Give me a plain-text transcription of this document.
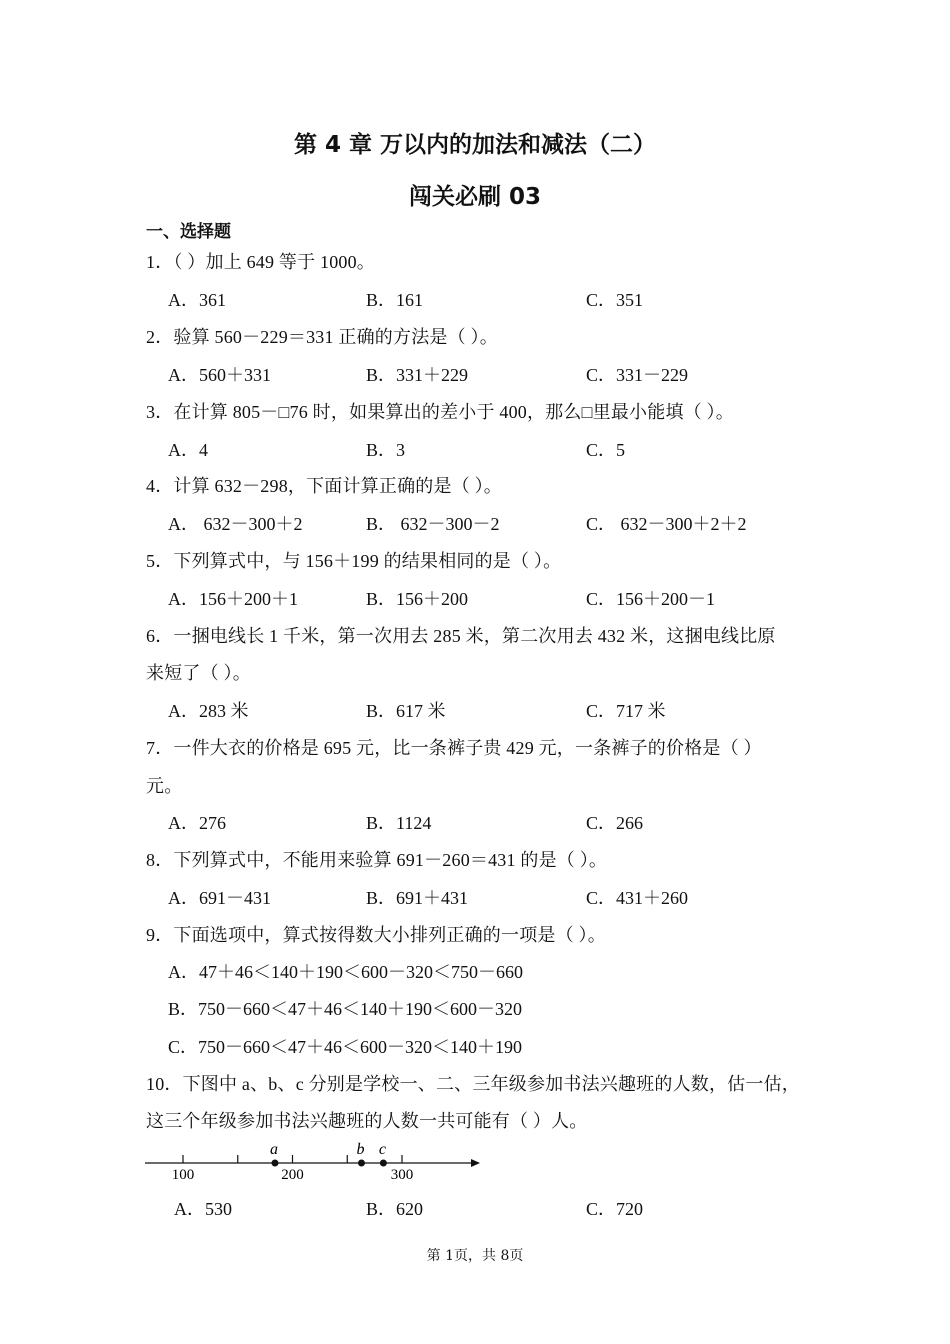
第 4 章 万以内的加法和减法（二）
闯关必刷 03
一、选择题
1．（ ）加上 649 等于 1000。
A．361	B．161	C．351
2．验算 560－229＝331 正确的方法是（ ）。
A．560＋331	B．331＋229	C．331－229
3．在计算 805－□76 时，如果算出的差小于 400，那么□里最小能填（ ）。
A．4	B．3	C．5
4．计算 632－298，下面计算正确的是（ ）。
A． 632－300＋2	B． 632－300－2	C． 632－300＋2＋2
5．下列算式中，与 156＋199 的结果相同的是（ ）。
A．156＋200＋1	B．156＋200	C．156＋200－1
6．一捆电线长 1 千米，第一次用去 285 米，第二次用去 432 米，这捆电线比原
来短了（ ）。
A．283 米	B．617 米	C．717 米
7．一件大衣的价格是 695 元，比一条裤子贵 429 元，一条裤子的价格是（ ）
元。
A．276	B．1124	C．266
8．下列算式中，不能用来验算 691－260＝431 的是（ ）。
A．691－431	B．691＋431	C．431＋260
9．下面选项中，算式按得数大小排列正确的一项是（ ）。
A．47＋46＜140＋190＜600－320＜750－660
B．750－660＜47＋46＜140＋190＜600－320
C．750－660＜47＋46＜600－320＜140＋190
10．下图中 a、b、c 分别是学校一、二、三年级参加书法兴趣班的人数，估一估，
这三个年级参加书法兴趣班的人数一共可能有（ ）人。
100	200	300
a	b c
A．530	B．620	C．720
第 1页，共 8页
